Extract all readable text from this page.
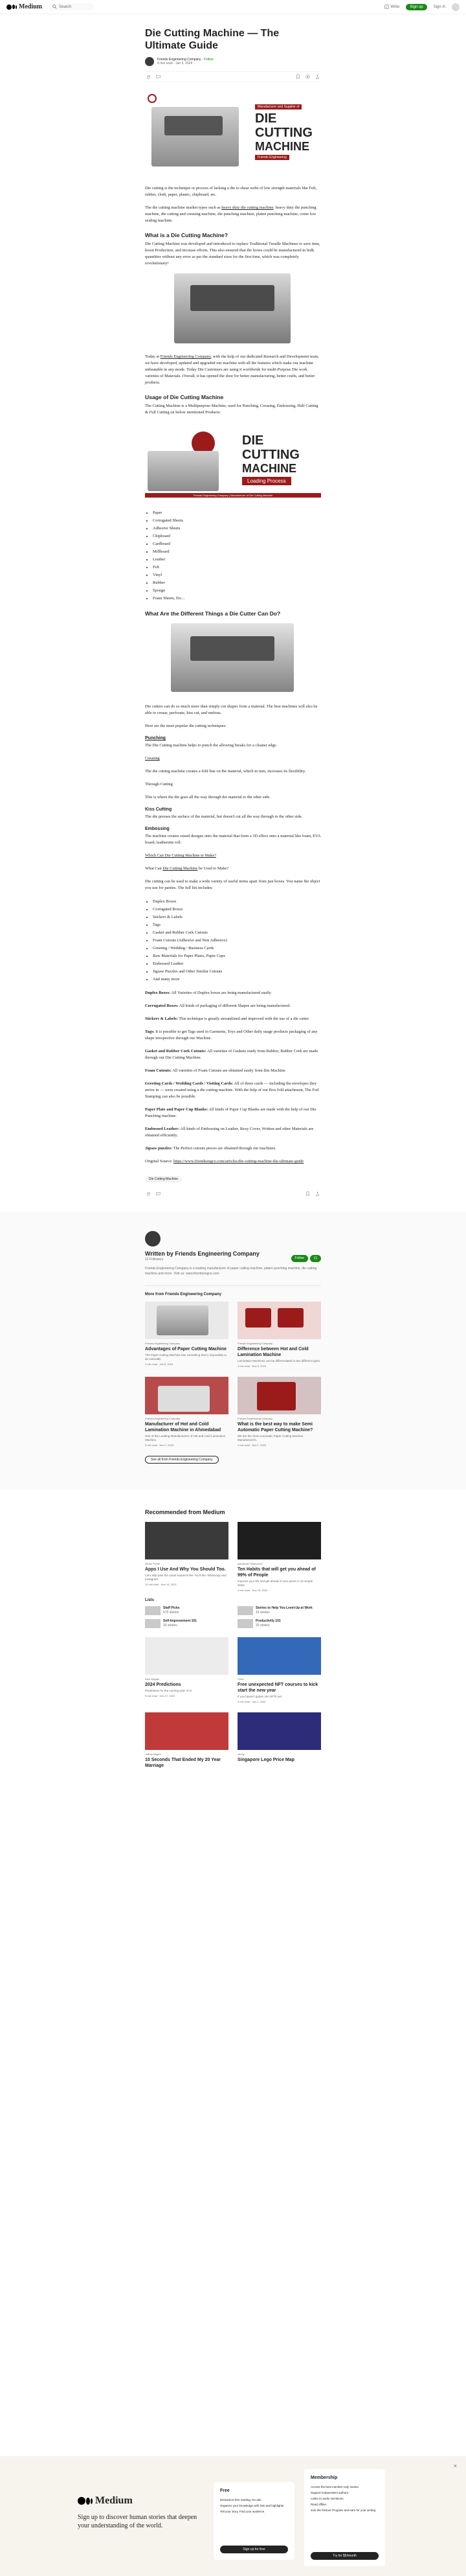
Medium	Search	Write	Sign up	Sign in
Die Cutting Machine — The Ultimate Guide
Friends Engineering Company · Follow
4 min read · Jan 9, 2024
Manufacturer and Supplier of
DIE
CUTTING
MACHINE
Friends Engineering

Die cutting is the technique or process of lacking a die to shear webs of low strength materials like Felt, rubber, cloth, paper, plastic, chipboard, etc.

The die cutting machine market types such as heavy duty die cutting machine. heavy duty die punching machine, die cutting and creasing machine, die punching machine, platen punching machine, come low sealing machine.

What is a Die Cutting Machine?

Die Cutting Machine was developed and introduced to replace Traditional Treadle Machines to save time, boost Production, and increase efforts. This also ensured that the boxes could be manufactured in bulk quantities without any error as per the standard sizes for the first time, which was completely revolutionary!

Today at Friends Engineering Company, with the help of our dedicated Research and Development team, we have developed, updated and upgraded our machine with all the features which make our machine unbeatable in any mode. Today Die Customers are using it worldwide for multi-Purpose Die work varieties of Materials. Overall, it has opened the door for better manufacturing, better crafts, and better products.

Usage of Die Cutting Machine

The Cutting Machine is a Multipurpose Machine, used for Punching, Creasing, Embossing, Half Cutting & Full Cutting on below mentioned Products:

DIE
CUTTING
MACHINE
Loading Process
Friends Engineering Company | Manufacturer of Die Cutting Machine
• Paper
• Corrugated Sheets
• Adhesive Sheets
• Chipboard
• Cardboard
• Millboard
• Leather
• Felt
• Vinyl
• Rubber
• Sponge
• Foam Sheets, Etc...
What Are the Different Things a Die Cutter Can Do?

Die cutters can do so much more than simply cut shapes from a material. The best machines will also be able to crease, perforate, kiss cut, and emboss.

Here are the most popular die cutting techniques:

Punching

The Die Cutting machine helps to punch the allowing breaks for a cleaner edge.

Creasing

The die cutting machine creates a fold line on the material, which in turn, increases its flexibility.

Through Cutting

This is where the die goes all the way through the material to the other side.

Kiss Cutting

The die presses the surface of the material, but doesn't cut all the way through to the other side.

Embossing

The machine creates raised designs onto the material that form a 3D effect onto a material like foam, EVA board, leatherette roll.

Which Can Die Cutting Machine to Make?

What Can Die Cutting Machine be Used to Make?

Die cutting can be used to make a wide variety of useful items apart from just boxes. You name the object you use for parties. The full list includes:

• Duplex Boxes
• Corrugated Boxes
• Stickers & Labels
• Tags
• Gasket and Rubber Cork Cutouts
• Foam Cutouts (Adhesive and Non Adhesive)
• Greeting / Wedding / Business Cards
• Raw Materials for Paper Plates, Paper Cups
• Embossed Leather
• Jigsaw Puzzles and Other Similar Cutouts
• And many more

Duplex Boxes: All Varieties of Duplex boxes are being manufactured easily.

Corrugated Boxes: All kinds of packaging of different Shapes are being manufactured.

Stickers & Labels: This technique is greatly streamlined and improved with the use of a die cutter.

Tags: It is possible to get Tags used in Garments, Toys and Other daily usage products packaging of any shape irrespective through our Machine.

Gasket and Rubber Cork Cutouts: All varieties of Gaskets ready from Rubber, Rubber Cork are made through our Die Cutting Machine.

Foam Cutouts: All varieties of Foam Cutouts are obtained easily from this Machine.

Greeting Cards / Wedding Cards / Visiting Cards: All of these cards — including the envelopes they arrive in — were created using a die cutting machine. With the help of our Box fold attachment, The Foil Stamping can also be possible.

Paper Plate and Paper Cup Blanks: All kinds of Paper Cup Blanks are made with the help of our Die Punching machine.

Embossed Leather: All kinds of Embossing on Leather, Rexy Cover, Written and other Materials are obtained efficiently.

Jigsaw puzzles: The Perfect cutouts pieces are obtained through our machines.

Original Source: https://www.friendsengco.com/articles/die-cutting-machine-the-ultimate-guide

Die Cutting Machine
Written by Friends Engineering Company
12 Followers	Follow

Friends Engineering Company is a leading manufacturer of paper cutting machine, platen punching machine, die cutting machine and more. Visit us: www.friendsengco.com

More from Friends Engineering Company
Friends Engineering Company
Advantages of Paper Cutting Machine
The Paper Cutting Machine has something that is impossible to do manually.
4 min read · Jan 8, 2024
Friends Engineering Company
Difference between Hot and Cold Lamination Machine
Lamination Machines can be differentiated in two different types.
4 min read · Nov 8, 2023
Friends Engineering Company
Manufacturer of Hot and Cold Lamination Machine in Ahmedabad
One of the Leading Manufacturers of Hot and Cold Lamination Machine.
3 min read · Nov 7, 2023
Friends Engineering Company
What is the best way to make Semi Automatic Paper Cutting Machine?
We are the Semi Automatic Paper Cutting Machine Manufacturers.
4 min read · Nov 1, 2023
See all from Friends Engineering Company
Recommended from Medium
Simon Porter
Apps I Use And Why You Should Too.
Let's skip past the usual suspects like YouTube, WhatsApp and Instagram.
10 min read · Nov 14, 2023
Alexander Sidorovich
Ten Habits that will get you ahead of 99% of People
Improve your life and get ahead of your peers in 10 simple steps.
4 min read · Nov 18, 2023
Lists
Staff Picks
570 stories
Stories to Help You Level-Up at Work
19 stories
Self-Improvement 101
20 stories
Productivity 101
20 stories
Nick Wignall
2024 Predictions
Predictions for the coming year of AI.
5 min read · Dec 27, 2023
Chris
Free unexpected NFT courses to kick start the new year
If you haven't gotten into NFTs yet.
3 min read · Jan 2, 2024
Jeffrey Hagen
10 Seconds That Ended My 20 Year Marriage
Jenny
Singapore Lego Price Map
×
Medium
Sign up to discover human stories that deepen your understanding of the world.
Free
Distraction-free reading. No ads.
Organize your knowledge with lists and highlights.
Tell your story. Find your audience.
Sign up for free
Membership
Access the best member-only stories.
Support independent authors.
Listen to audio narrations.
Read offline.
Join the Partner Program and earn for your writing.
Try for $5/month
